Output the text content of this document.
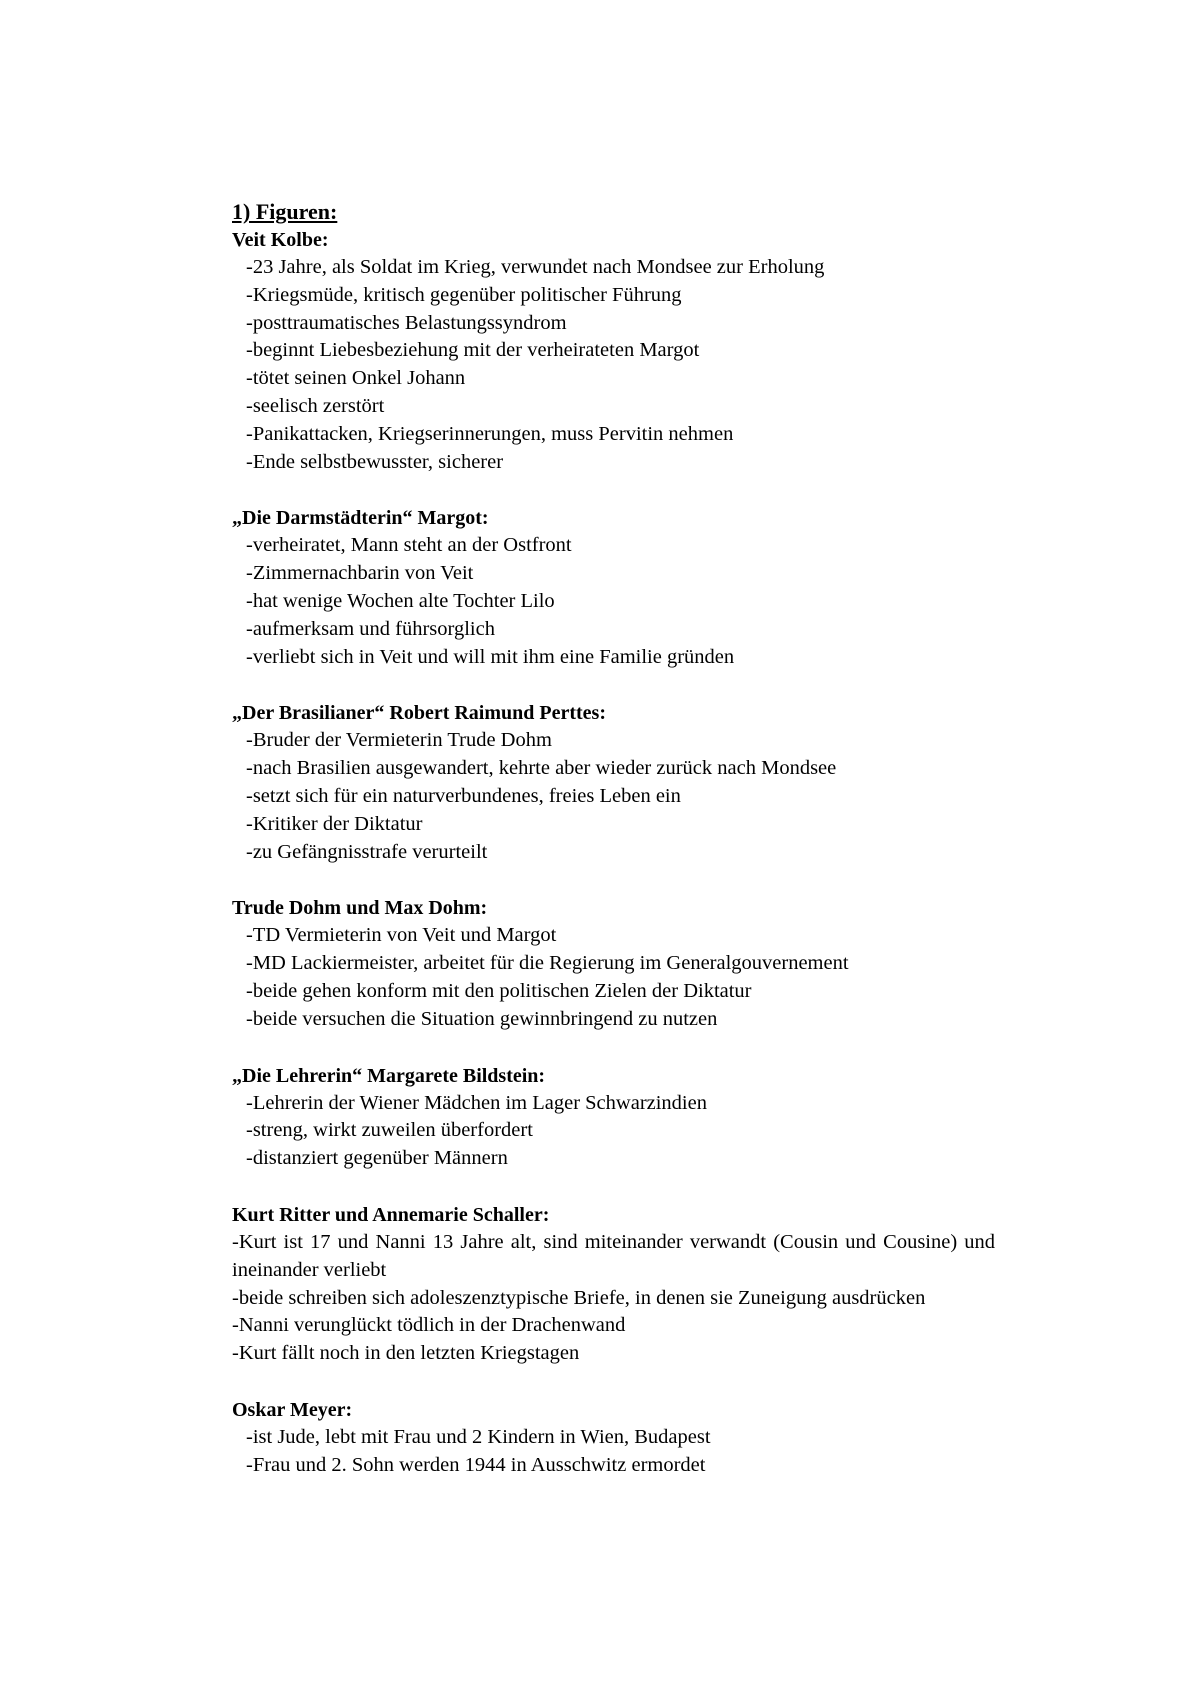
1) Figuren:

Veit Kolbe:

-23 Jahre, als Soldat im Krieg, verwundet nach Mondsee zur Erholung

-Kriegsmüde, kritisch gegenüber politischer Führung

-posttraumatisches Belastungssyndrom

-beginnt Liebesbeziehung mit der verheirateten Margot

-tötet seinen Onkel Johann

-seelisch zerstört

-Panikattacken, Kriegserinnerungen, muss Pervitin nehmen

-Ende selbstbewusster, sicherer

„Die Darmstädterin“ Margot:

-verheiratet, Mann steht an der Ostfront

-Zimmernachbarin von Veit

-hat wenige Wochen alte Tochter Lilo

-aufmerksam und führsorglich

-verliebt sich in Veit und will mit ihm eine Familie gründen

„Der Brasilianer“ Robert Raimund Perttes:

-Bruder der Vermieterin Trude Dohm

-nach Brasilien ausgewandert, kehrte aber wieder zurück nach Mondsee

-setzt sich für ein naturverbundenes, freies Leben ein

-Kritiker der Diktatur

-zu Gefängnisstrafe verurteilt

Trude Dohm und Max Dohm:

-TD Vermieterin von Veit und Margot

-MD Lackiermeister, arbeitet für die Regierung im Generalgouvernement

-beide gehen konform mit den politischen Zielen der Diktatur

-beide versuchen die Situation gewinnbringend zu nutzen

„Die Lehrerin“ Margarete Bildstein:

-Lehrerin der Wiener Mädchen im Lager Schwarzindien

-streng, wirkt zuweilen überfordert

-distanziert gegenüber Männern

Kurt Ritter und Annemarie Schaller:

-Kurt ist 17 und Nanni 13 Jahre alt, sind miteinander verwandt (Cousin und Cousine) und

ineinander verliebt

-beide schreiben sich adoleszenztypische Briefe, in denen sie Zuneigung ausdrücken

-Nanni verunglückt tödlich in der Drachenwand

-Kurt fällt noch in den letzten Kriegstagen

Oskar Meyer:

-ist Jude, lebt mit Frau und 2 Kindern in Wien, Budapest

-Frau und 2. Sohn werden 1944 in Ausschwitz ermordet
